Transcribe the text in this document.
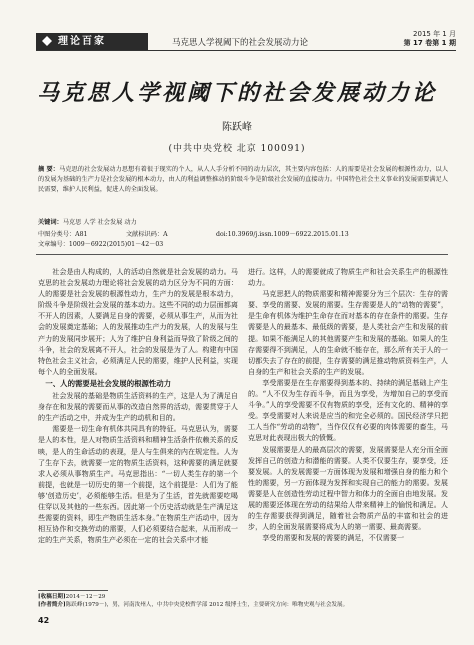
理论百家	马克思人学视阈下的社会发展动力论
2015 年 1 月
第 17 卷第 1 期
马克思人学视阈下的社会发展动力论
陈跃峰
(中共中央党校 北京 100091)
摘 要：马克思的社会发展动力思想有着很于现实的个人，从人人手分析不同的动力层次，其主要内容包括：人的需要是社会发展的根源性动力，以人的发展为基础的生产力是社会发展的根本动力，由人的利益调整推动的阶级斗争是阶级社会发展的直接动力。中国特色社会主义事业的发展需要满足人民需要，维护人民利益，促进人的全面发展。
关键词：马克思 人学 社会发展 动力
中图分类号：A81	文献标识码：A	doi:10.3969/j.issn.1009－6922.2015.01.13
文章编号：1009－6922(2015)01－42－03

社会是由人构成的，人的活动自然就是社会发展的动力。马克思的社会发展动力理论将社会发展的动力区分为不同的方面：人的需要是社会发展的根源性动力，生产力的发展是根本动力，阶级斗争是阶级社会发展的基本动力。这些不同的动力层面都离不开人的因素，人要满足自身的需要，必须从事生产，从而为社会的发展奠定基础；人的发展推动生产力的发展，人的发展与生产力的发展同步展开；人为了维护自身利益而导致了阶级之间的斗争，社会的发展离不开人，社会的发展是为了人。构建有中国特色社会主义社会，必须满足人民的需要，维护人民利益，实现每个人的全面发展。

一、人的需要是社会发展的根源性动力

社会发展的基础是物质生活资料的生产，这是人为了满足自身存在和发展的需要而从事的改造自然界的活动，需要贯穿于人的生产活动之中，并成为生产的动机和目的。

需要是一切生命有机体共同具有的特征。马克思认为，需要是人的本性，是人对物质生活资料和精神生活条件依赖关系的反映，是人的生命活动的表现，是人与生俱来的内在规定性。人为了生存下去，就需要一定的物质生活资料，这种需要的满足就要求人必须从事物质生产。马克思指出：“一切人类生存的第一个前提，也就是一切历史的第一个前提，这个前提是：人们为了能够‘创造历史’，必须能够生活。但是为了生活，首先就需要吃喝住穿以及其他的一些东西。因此第一个历史活动就是生产满足这些需要的资料，即生产物质生活本身。”在物质生产活动中，因为相互协作和交换劳动的需要，人们必须要结合起来，从而形成一定的生产关系，物质生产必须在一定的社会关系中才能

进行。这样，人的需要就成了物质生产和社会关系生产的根源性动力。

马克思把人的物质需要和精神需要分为三个层次：生存的需要、享受的需要、发展的需要。生存需要是人的“动物的需要”，是生命有机体为维护生命存在而对基本的存在条件的需要。生存需要是人的最基本、最低级的需要，是人类社会产生和发展的前提。如果不能满足人的其他需要产生和发展的基础。如果人的生存需要得不到满足，人的生命就不能存在，那么所有关于人的一切都失去了存在的前提，生存需要的满足推动物质资料生产，人自身的生产和社会关系的生产的发展。

享受需要是在生存需要得到基本的、持续的满足基础上产生的。“人不仅为生存而斗争，而且为享受，为增加自己的享受而斗争。”人的享受需要不仅有物质的享受，还有文化的、精神的享受。享受需要对人来说是应当的和完全必须的。国民经济学只把工人当作“劳动的动物”，当作仅仅有必要的肉体需要的畜生，马克思对此表现出极大的愤慨。

发展需要是人的最高层次的需要，发展需要是人充分而全面发挥自己的创造力和潜能的需要。人类不仅要生存，要享受，还要发展。人的发展需要一方面体现为发展和增强自身的能力和个性的需要，另一方面体现为发挥和实现自己的能力的需要。发展需要是人在创造性劳动过程中智力和体力的全面自由地发展。发展的需要还体现在劳动的结果给人带来精神上的愉悦和满足。人的生存需要获得到满足，随着社会物质产品的丰富和社会的进步，人的全面发展需要将成为人的第一需要、最高需要。

享受的需要和发展的需要的满足，不仅需要一

[收稿日期]2014－12－29
[作者简介]陈跃峰(1979－)，男，河南汝州人，中共中央党校哲学部 2012 级博士生，主要研究方向：唯物史观与社会发展。
42
